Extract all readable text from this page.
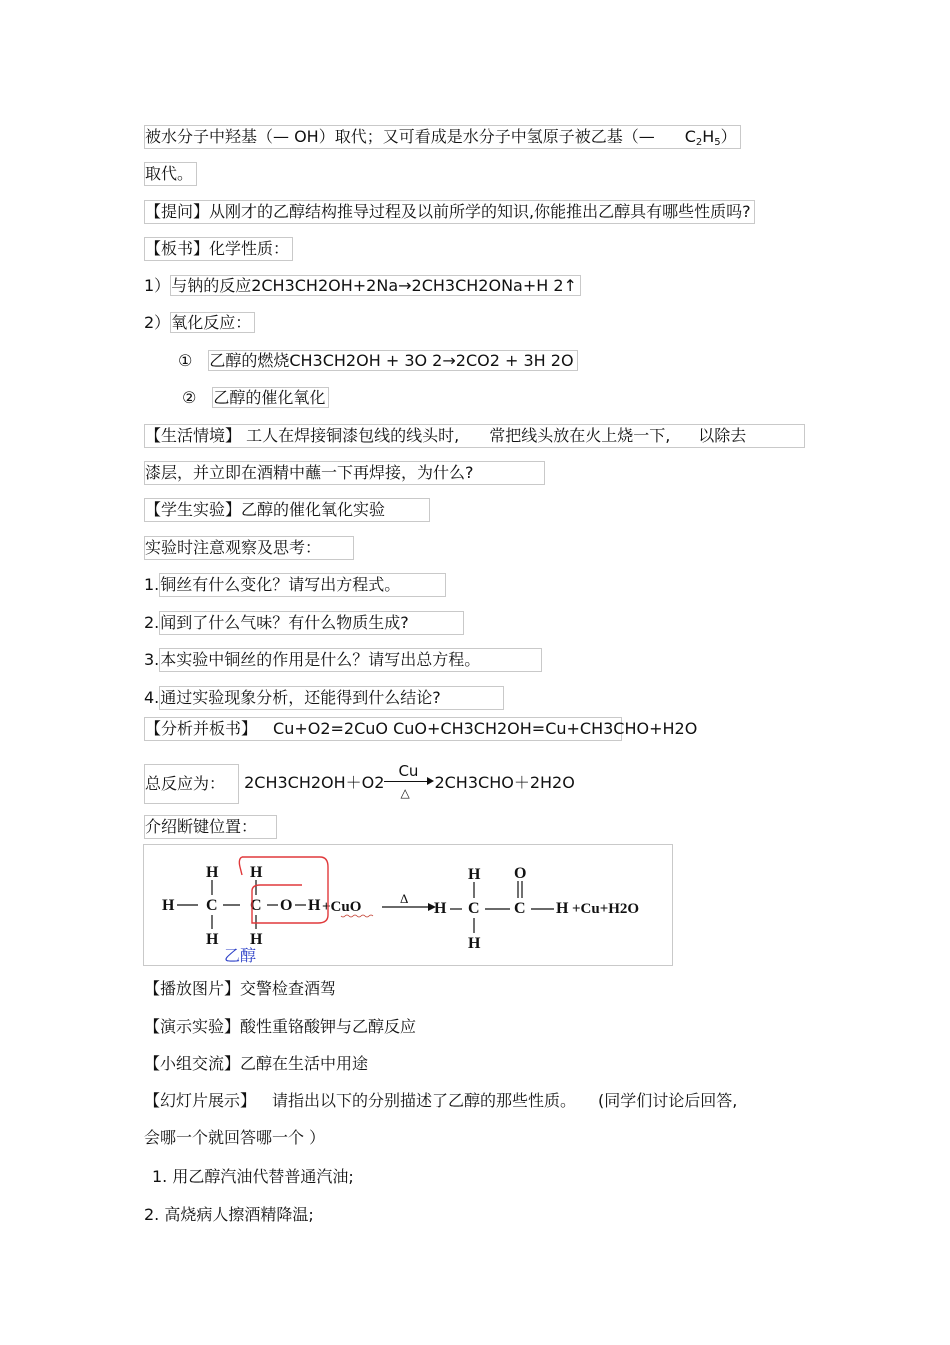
被水分子中羟基（— OH）取代；又可看成是水分子中氢原子被乙基（— $C_2H_5$）
取代。
【提问】从刚才的乙醇结构推导过程及以前所学的知识,你能推出乙醇具有哪些性质吗?
【板书】化学性质：
1）与钠的反应2CH3CH2OH+2Na→2CH3CH2ONa+H 2↑
2）氧化反应：
① 乙醇的燃烧CH3CH2OH + 3O 2→2CO2 + 3H 2O
② 乙醇的催化氧化
【生活情境】 工人在焊接铜漆包线的线头时, 常把线头放在火上烧一下, 以除去
漆层，并立即在酒精中蘸一下再焊接，为什么?
【学生实验】乙醇的催化氧化实验
实验时注意观察及思考：
1.铜丝有什么变化？请写出方程式。
2.闻到了什么气味？有什么物质生成?
3.本实验中铜丝的作用是什么？请写出总方程。
4.通过实验现象分析，还能得到什么结论?
【分析并板书】 Cu+O2=2CuO CuO+CH3CH2OH=Cu+CH3CHO+H2O
总反应为： 2CH3CH2OH＋O2
Cu
△
2CH3CHO＋2H2O
介绍断键位置：
H
H C
H
H
C
H
O H +CuO
Δ
H
H
C
H
O
C H +Cu+H2O
乙醇
【播放图片】交警检查酒驾
【演示实验】酸性重铬酸钾与乙醇反应
【小组交流】乙醇在生活中用途
【幻灯片展示】 请指出以下的分别描述了乙醇的那些性质。 (同学们讨论后回答,
会哪一个就回答哪一个 ）
1. 用乙醇汽油代替普通汽油;
2. 高烧病人擦酒精降温;
